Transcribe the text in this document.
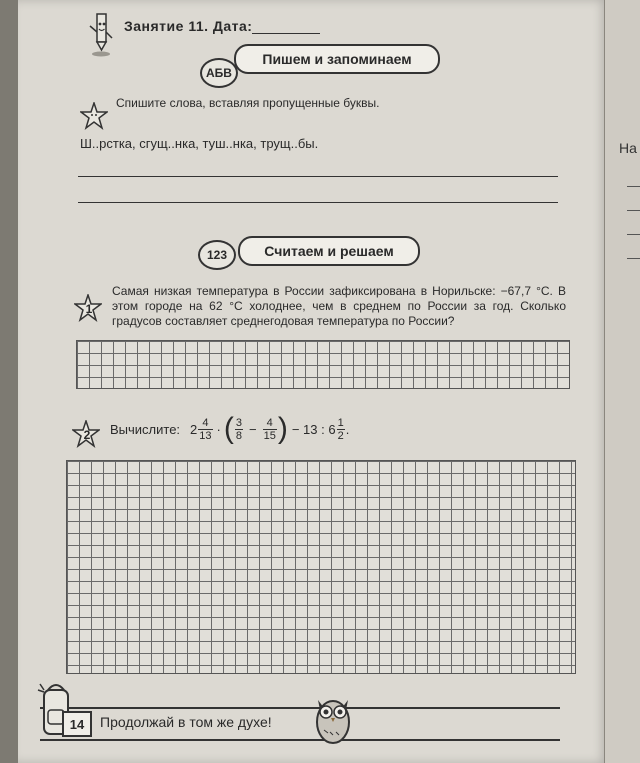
На
Занятие 11. Дата:
Пишем и запоминаем
АБВ
Спишите слова, вставляя пропущенные буквы.
Ш..рстка, сгущ..нка, туш..нка, трущ..бы.
Считаем и решаем
123
1
Самая низкая температура в России зафиксирована в Норильске: −67,7 °С. В этом городе на 62 °С холоднее, чем в среднем по России за год. Сколько градусов составляет среднегодовая температура по России?
2	Вычислите: $2 \frac{4}{13}$ · ( $\frac{3}{8} - \frac{4}{15}$ ) − 13 : $6 \frac{1}{2}$ .
14	Продолжай в том же духе!
